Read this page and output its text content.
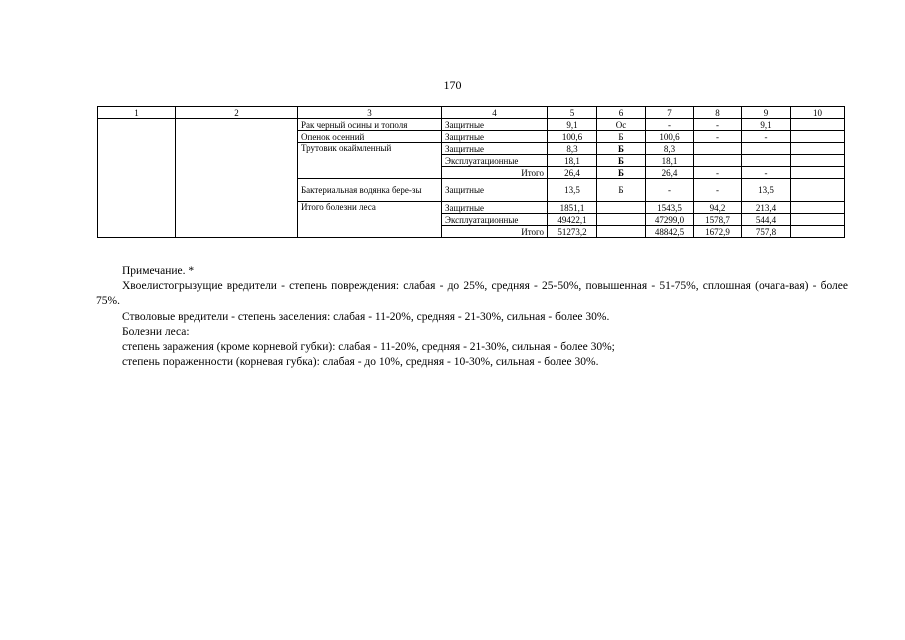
170
1	2	3	4	5	6	7	8	9	10
		Рак черный осины и тополя	Защитные	9,1	Ос	-	-	9,1	
		Опенок осенний	Защитные	100,6	Б	100,6	-	-	
		Трутовик окаймленный	Защитные	8,3	Б	8,3			
			Эксплуатационные	18,1	Б	18,1			
			Итого	26,4	Б	26,4	-	-	
		Бактериальная водянка бере-зы	Защитные	13,5	Б	-	-	13,5	
		Итого болезни леса	Защитные	1851,1		1543,5	94,2	213,4	
			Эксплуатационные	49422,1		47299,0	1578,7	544,4	
			Итого	51273,2		48842,5	1672,9	757,8	

Примечание. *

Хвоелистогрызущие вредители - степень повреждения: слабая - до 25%, средняя - 25-50%, повышенная - 51-75%, сплошная (очага-вая) - более 75%.

Стволовые вредители - степень заселения: слабая - 11-20%, средняя - 21-30%, сильная - более 30%.

Болезни леса:

степень заражения (кроме корневой губки): слабая - 11-20%, средняя - 21-30%, сильная - более 30%;

степень пораженности (корневая губка): слабая - до 10%, средняя - 10-30%, сильная - более 30%.
